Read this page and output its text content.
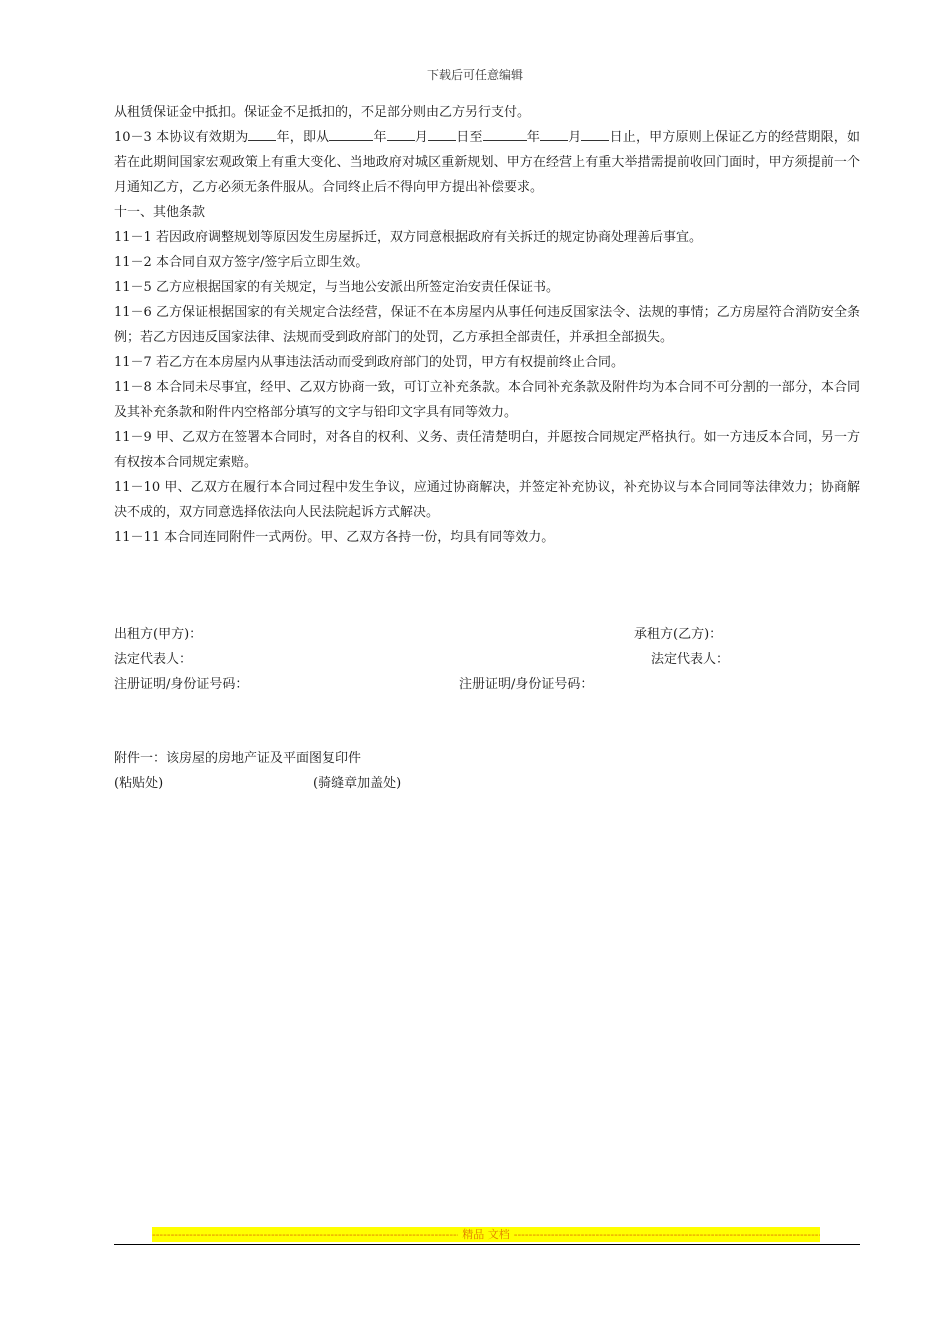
下载后可任意编辑

从租赁保证金中抵扣。保证金不足抵扣的，不足部分则由乙方另行支付。

10－3 本协议有效期为 年，即从	年 月 日至	年 月 日止，甲方原则上保证乙方的经营期限，如若在此期间国家宏观政策上有重大变化、当地政府对城区重新规划、甲方在经营上有重大举措需提前收回门面时，甲方须提前一个月通知乙方，乙方必须无条件服从。合同终止后不得向甲方提出补偿要求。

十一、其他条款

11－1 若因政府调整规划等原因发生房屋拆迁，双方同意根据政府有关拆迁的规定协商处理善后事宜。

11－2 本合同自双方签字/签字后立即生效。

11－5 乙方应根据国家的有关规定，与当地公安派出所签定治安责任保证书。

11－6 乙方保证根据国家的有关规定合法经营，保证不在本房屋内从事任何违反国家法令、法规的事情；乙方房屋符合消防安全条例；若乙方因违反国家法律、法规而受到政府部门的处罚，乙方承担全部责任，并承担全部损失。

11－7 若乙方在本房屋内从事违法活动而受到政府部门的处罚，甲方有权提前终止合同。

11－8 本合同未尽事宜，经甲、乙双方协商一致，可订立补充条款。本合同补充条款及附件均为本合同不可分割的一部分，本合同及其补充条款和附件内空格部分填写的文字与铅印文字具有同等效力。

11－9 甲、乙双方在签署本合同时，对各自的权利、义务、责任清楚明白，并愿按合同规定严格执行。如一方违反本合同，另一方有权按本合同规定索赔。

11－10 甲、乙双方在履行本合同过程中发生争议，应通过协商解决，并签定补充协议，补充协议与本合同同等法律效力；协商解决不成的，双方同意选择依法向人民法院起诉方式解决。

11－11 本合同连同附件一式两份。甲、乙双方各持一份，均具有同等效力。

出租方(甲方)：	承租方(乙方)：
法定代表人：	法定代表人：
注册证明/身份证号码：	注册证明/身份证号码：
附件一：该房屋的房地产证及平面图复印件
(粘贴处)	(骑缝章加盖处)
-----
精品 文档
-----
